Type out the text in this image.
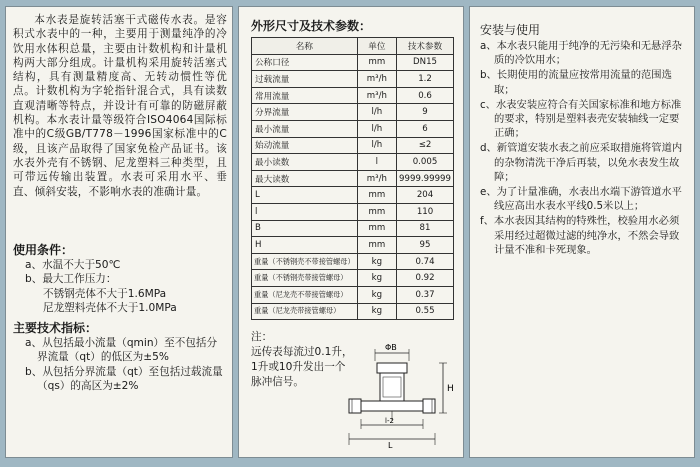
本水表是旋转活塞干式磁传水表。是容积式水表中的一种，主要用于测量纯净的冷饮用水体积总量，主要由计数机构和计量机构两大部分组成。计量机构采用旋转活塞式结构，具有测量精度高、无转动惯性等优点。计数机构为字轮指针混合式，具有读数直观清晰等特点，并设计有可靠的防磁屏蔽机构。本水表计量等级符合ISO4064国际标准中的C级GB/T778－1996国家标准中的C级，且该产品取得了国家免检产品证书。该水表外壳有不锈钢、尼龙塑料三种类型，且可带远传输出装置。水表可采用水平、垂直、倾斜安装，不影响水表的准确计量。
使用条件：
a、水温不大于50℃
b、最大工作压力：
不锈钢壳体不大于1.6MPa
尼龙塑料壳体不大于1.0MPa
主要技术指标：
a、从包括最小流量（qmin）至不包括分界流量（qt）的低区为±5%
b、从包括分界流量（qt）至包括过载流量（qs）的高区为±2%
外形尺寸及技术参数：
名称	单位	技术参数
公称口径	mm	DN15
过载流量	m³/h	1.2
常用流量	m³/h	0.6
分界流量	l/h	9
最小流量	l/h	6
始动流量	l/h	≤2
最小读数	l	0.005
最大读数	m³/h	9999.99999
L	mm	204
l	mm	110
B	mm	81
H	mm	95
重量（不锈钢壳不带接管螺母）	kg	0.74
重量（不锈钢壳带接管螺母）	kg	0.92
重量（尼龙壳不带接管螺母）	kg	0.37
重量（尼龙壳带接管螺母）	kg	0.55
注：
远传表每流过0.1升，
1升或10升发出一个
脉冲信号。
ΦB
H
l-2
L
安装与使用
a、本水表只能用于纯净的无污染和无悬浮杂质的冷饮用水；
b、长期使用的流量应按常用流量的范围选取；
c、水表安装应符合有关国家标准和地方标准的要求，特别是塑料表壳安装轴线一定要正确；
d、新管道安装水表之前应采取措施将管道内的杂物清洗干净后再装，以免水表发生故障；
e、为了计量准确，水表出水端下游管道水平线应高出水表水平线0.5米以上；
f、本水表因其结构的特殊性，校验用水必须采用经过超微过滤的纯净水，不然会导致计量不准和卡死现象。
